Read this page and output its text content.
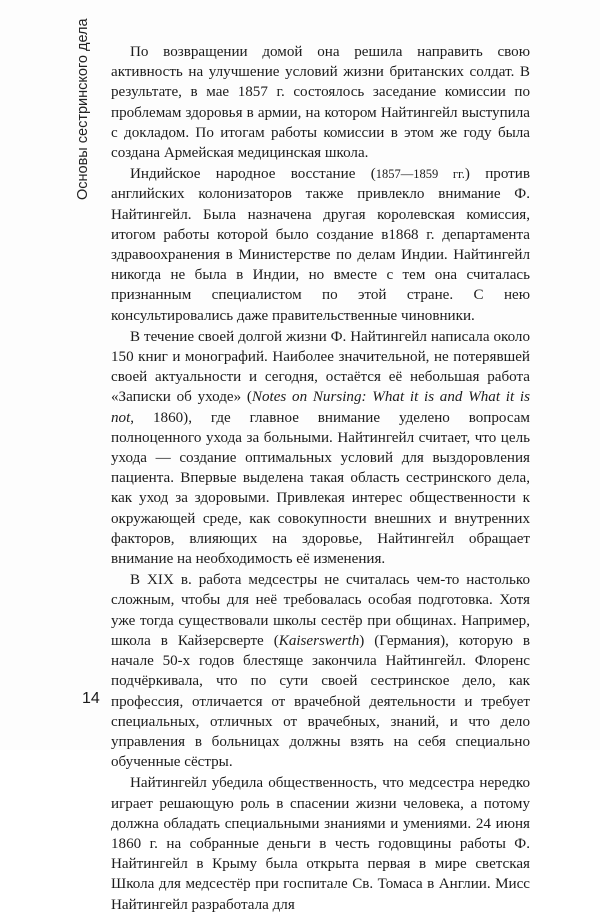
Основы сестринского дела	По возвращении домой она решила направить свою активность на улучшение условий жизни британских солдат. В результате, в мае 1857 г. состоялось заседание комиссии по проблемам здоровья в армии, на котором Найтингейл выступила с докладом. По итогам работы комиссии в этом же году была создана Армейская медицинская школа.

Индийское народное восстание (1857—1859 гг.) против английских колонизаторов также привлекло внимание Ф. Найтингейл. Была назначена другая королевская комиссия, итогом работы которой было создание в1868 г. департамента здравоохранения в Министерстве по делам Индии. Найтингейл никогда не была в Индии, но вместе с тем она считалась признанным специалистом по этой стране. С нею консультировались даже правительственные чиновники.

В течение своей долгой жизни Ф. Найтингейл написала около 150 книг и монографий. Наиболее значительной, не потерявшей своей актуальности и сегодня, остаётся её небольшая работа «Записки об уходе» (Notes on Nursing: What it is and What it is not, 1860), где главное внимание уделено вопросам полноценного ухода за больными. Найтингейл считает, что цель ухода — создание оптимальных условий для выздоровления пациента. Впервые выделена такая область сестринского дела, как уход за здоровыми. Привлекая интерес общественности к окружающей среде, как совокупности внешних и внутренних факторов, влияющих на здоровье, Найтингейл обращает внимание на необходимость её изменения.

В XIX в. работа медсестры не считалась чем-то настолько сложным, чтобы для неё требовалась особая подготовка. Хотя уже тогда существовали школы сестёр при общинах. Например, школа в Кайзерсверте (Kaiserswerth) (Германия), которую в начале 50-х годов блестяще закончила Найтингейл. Флоренс подчёркивала, что по сути своей сестринское дело, как профессия, отличается от врачебной деятельности и требует специальных, отличных от врачебных, знаний, и что дело управления в больницах должны взять на себя специально обученные сёстры.

Найтингейл убедила общественность, что медсестра нередко играет решающую роль в спасении жизни человека, а потому должна обладать специальными знаниями и умениями. 24 июня 1860 г. на собранные деньги в честь годовщины работы Ф. Найтингейл в Крыму была открыта первая в мире светская Школа для медсестёр при госпитале Св. Томаса в Англии. Мисс Найтингейл разработала для

14
